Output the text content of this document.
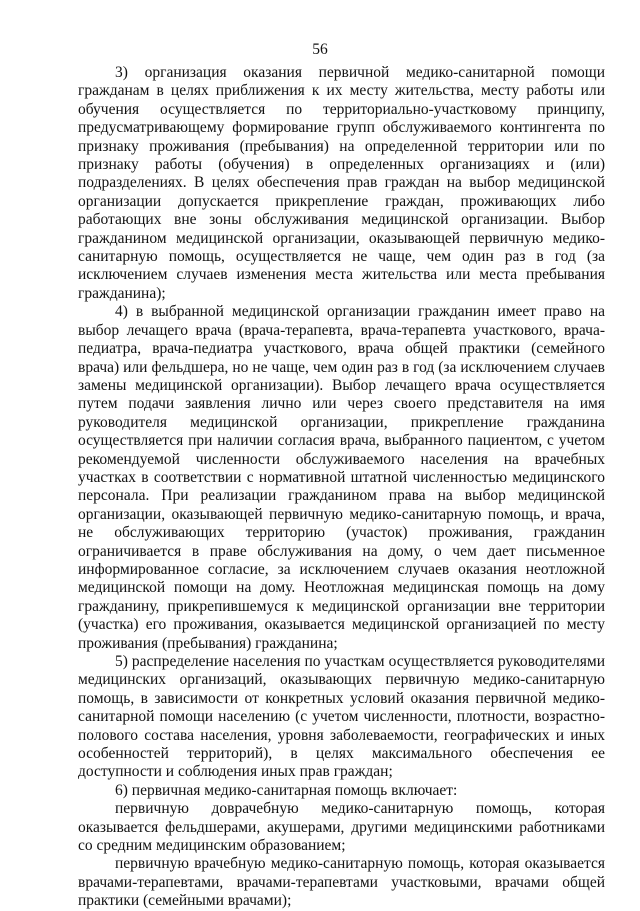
56

3) организация оказания первичной медико-санитарной помощи гражданам в целях приближения к их месту жительства, месту работы или обучения осуществляется по территориально-участковому принципу, предусматривающему формирование групп обслуживаемого контингента по признаку проживания (пребывания) на определенной территории или по признаку работы (обучения) в определенных организациях и (или) подразделениях. В целях обеспечения прав граждан на выбор медицинской организации допускается прикрепление граждан, проживающих либо работающих вне зоны обслуживания медицинской организации. Выбор гражданином медицинской организации, оказывающей первичную медико-санитарную помощь, осуществляется не чаще, чем один раз в год (за исключением случаев изменения места жительства или места пребывания гражданина);

4) в выбранной медицинской организации гражданин имеет право на выбор лечащего врача (врача-терапевта, врача-терапевта участкового, врача-педиатра, врача-педиатра участкового, врача общей практики (семейного врача) или фельдшера, но не чаще, чем один раз в год (за исключением случаев замены медицинской организации). Выбор лечащего врача осуществляется путем подачи заявления лично или через своего представителя на имя руководителя медицинской организации, прикрепление гражданина осуществляется при наличии согласия врача, выбранного пациентом, с учетом рекомендуемой численности обслуживаемого населения на врачебных участках в соответствии с нормативной штатной численностью медицинского персонала. При реализации гражданином права на выбор медицинской организации, оказывающей первичную медико-санитарную помощь, и врача, не обслуживающих территорию (участок) проживания, гражданин ограничивается в праве обслуживания на дому, о чем дает письменное информированное согласие, за исключением случаев оказания неотложной медицинской помощи на дому. Неотложная медицинская помощь на дому гражданину, прикрепившемуся к медицинской организации вне территории (участка) его проживания, оказывается медицинской организацией по месту проживания (пребывания) гражданина;

5) распределение населения по участкам осуществляется руководителями медицинских организаций, оказывающих первичную медико-санитарную помощь, в зависимости от конкретных условий оказания первичной медико-санитарной помощи населению (с учетом численности, плотности, возрастно-полового состава населения, уровня заболеваемости, географических и иных особенностей территорий), в целях максимального обеспечения ее доступности и соблюдения иных прав граждан;

6) первичная медико-санитарная помощь включает:

первичную доврачебную медико-санитарную помощь, которая оказывается фельдшерами, акушерами, другими медицинскими работниками со средним медицинским образованием;

первичную врачебную медико-санитарную помощь, которая оказывается врачами-терапевтами, врачами-терапевтами участковыми, врачами общей практики (семейными врачами);
